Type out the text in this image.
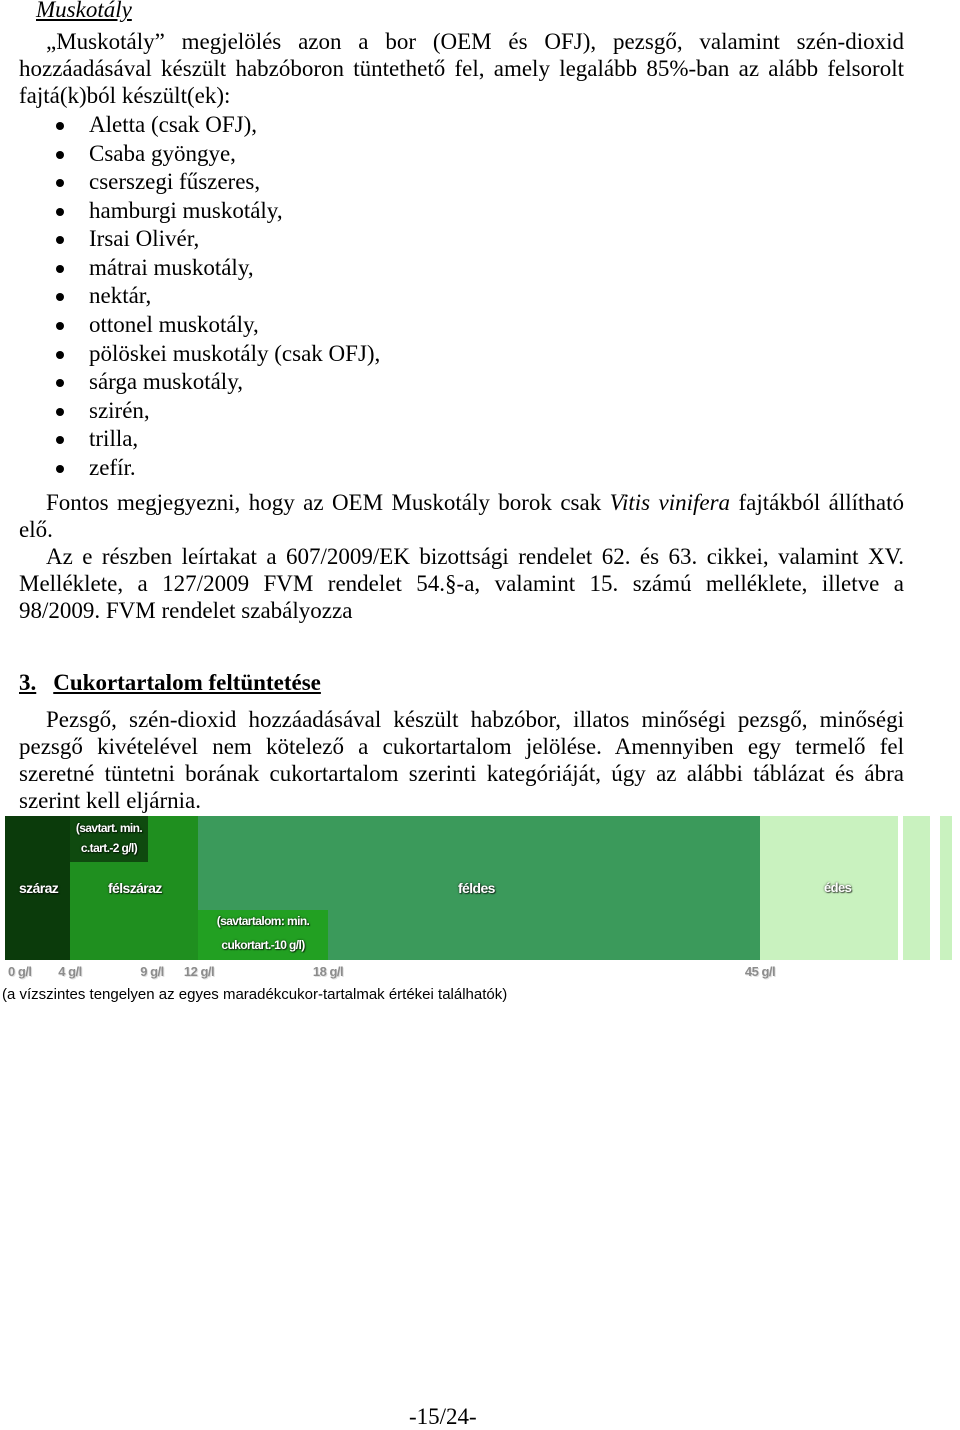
Muskotály
„Muskotály” megjelölés azon a bor (OEM és OFJ), pezsgő, valamint szén-dioxid
hozzáadásával készült habzóboron tüntethető fel, amely legalább 85%-ban az alább felsorolt
fajtá(k)ból készült(ek):
Aletta (csak OFJ),
Csaba gyöngye,
cserszegi fűszeres,
hamburgi muskotály,
Irsai Olivér,
mátrai muskotály,
nektár,
ottonel muskotály,
pölöskei muskotály (csak OFJ),
sárga muskotály,
szirén,
trilla,
zefír.
Fontos megjegyezni, hogy az OEM Muskotály borok csak Vitis vinifera fajtákból állítható
elő.
Az e részben leírtakat a 607/2009/EK bizottsági rendelet 62. és 63. cikkei, valamint XV.
Melléklete, a 127/2009 FVM rendelet 54.§-a, valamint 15. számú melléklete, illetve a
98/2009. FVM rendelet szabályozza
3. Cukortartalom feltüntetése
Pezsgő, szén-dioxid hozzáadásával készült habzóbor, illatos minőségi pezsgő, minőségi
pezsgő kivételével nem kötelező a cukortartalom jelölése. Amennyiben egy termelő fel
szeretné tüntetni borának cukortartalom szerinti kategóriáját, úgy az alábbi táblázat és ábra
szerint kell eljárnia.
(savtart. min.
c.tart.-2 g/l)
(savtartalom: min.
cukortart.-10 g/l)
száraz	félszáraz	féldes	édes
0 g/l	4 g/l	9 g/l	12 g/l	18 g/l	45 g/l
(a vízszintes tengelyen az egyes maradékcukor-tartalmak értékei találhatók)
-15/24-
